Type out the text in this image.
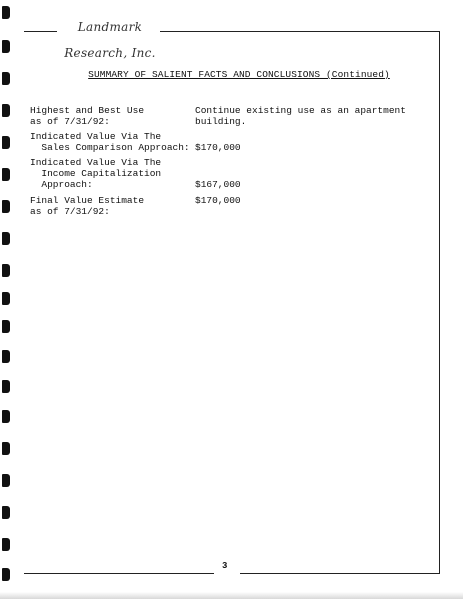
Landmark Research, Inc.
SUMMARY OF SALIENT FACTS AND CONCLUSIONS (Continued)
Highest and Best Use
as of 7/31/92:
Continue existing use as an apartment
building.
Indicated Value Via The
Sales Comparison Approach: $170,000
Indicated Value Via The
Income Capitalization
Approach:	$167,000
Final Value Estimate
as of 7/31/92:
$170,000
3
